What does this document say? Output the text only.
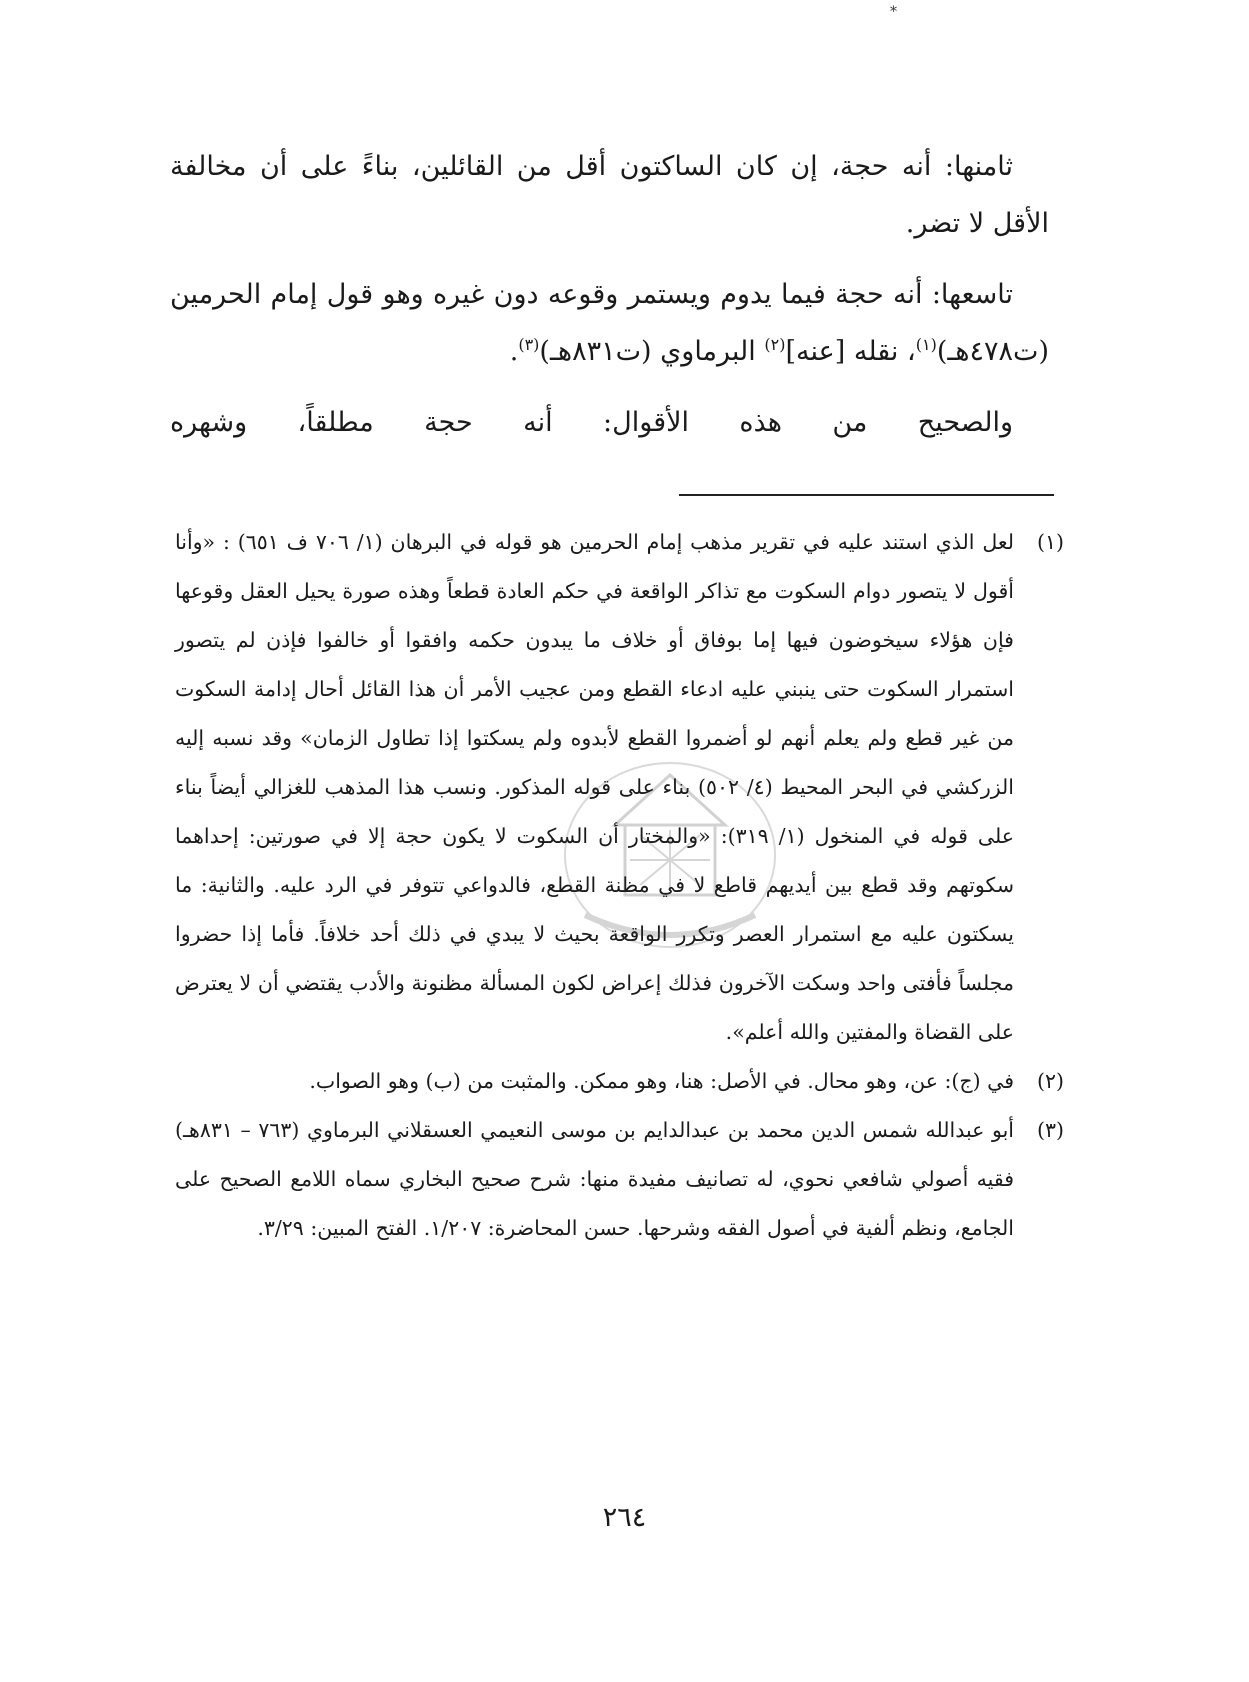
*

ثامنها: أنه حجة، إن كان الساكتون أقل من القائلين، بناءً على أن مخالفة الأقل لا تضر.

تاسعها: أنه حجة فيما يدوم ويستمر وقوعه دون غيره وهو قول إمام الحرمين (ت٤٧٨هـ)$^{(١)}$، نقله [عنه]$^{(٢)}$ البرماوي (ت٨٣١هـ)$^{(٣)}$.

والصحيح من هذه الأقوال: أنه حجة مطلقاً، وشهره

(١)
لعل الذي استند عليه في تقرير مذهب إمام الحرمين هو قوله في البرهان (١/ ٧٠٦ ف ٦٥١) : «وأنا أقول لا يتصور دوام السكوت مع تذاكر الواقعة في حكم العادة قطعاً وهذه صورة يحيل العقل وقوعها فإن هؤلاء سيخوضون فيها إما بوفاق أو خلاف ما يبدون حكمه وافقوا أو خالفوا فإذن لم يتصور استمرار السكوت حتى ينبني عليه ادعاء القطع ومن عجيب الأمر أن هذا القائل أحال إدامة السكوت من غير قطع ولم يعلم أنهم لو أضمروا القطع لأبدوه ولم يسكتوا إذا تطاول الزمان» وقد نسبه إليه الزركشي في البحر المحيط (٤/ ٥٠٢) بناء على قوله المذكور. ونسب هذا المذهب للغزالي أيضاً بناء على قوله في المنخول (١/ ٣١٩): «والمختار أن السكوت لا يكون حجة إلا في صورتين: إحداهما سكوتهم وقد قطع بين أيديهم قاطع لا في مظنة القطع، فالدواعي تتوفر في الرد عليه. والثانية: ما يسكتون عليه مع استمرار العصر وتكرر الواقعة بحيث لا يبدي في ذلك أحد خلافاً. فأما إذا حضروا مجلساً فأفتى واحد وسكت الآخرون فذلك إعراض لكون المسألة مظنونة والأدب يقتضي أن لا يعترض على القضاة والمفتين والله أعلم».
(٢)
في (ج): عن، وهو محال. في الأصل: هنا، وهو ممكن. والمثبت من (ب) وهو الصواب.
(٣)
أبو عبدالله شمس الدين محمد بن عبدالدايم بن موسى النعيمي العسقلاني البرماوي (٧٦٣ – ٨٣١هـ) فقيه أصولي شافعي نحوي، له تصانيف مفيدة منها: شرح صحيح البخاري سماه اللامع الصحيح على الجامع، ونظم ألفية في أصول الفقه وشرحها. حسن المحاضرة: ١/٢٠٧. الفتح المبين: ٣/٢٩.
٢٦٤
